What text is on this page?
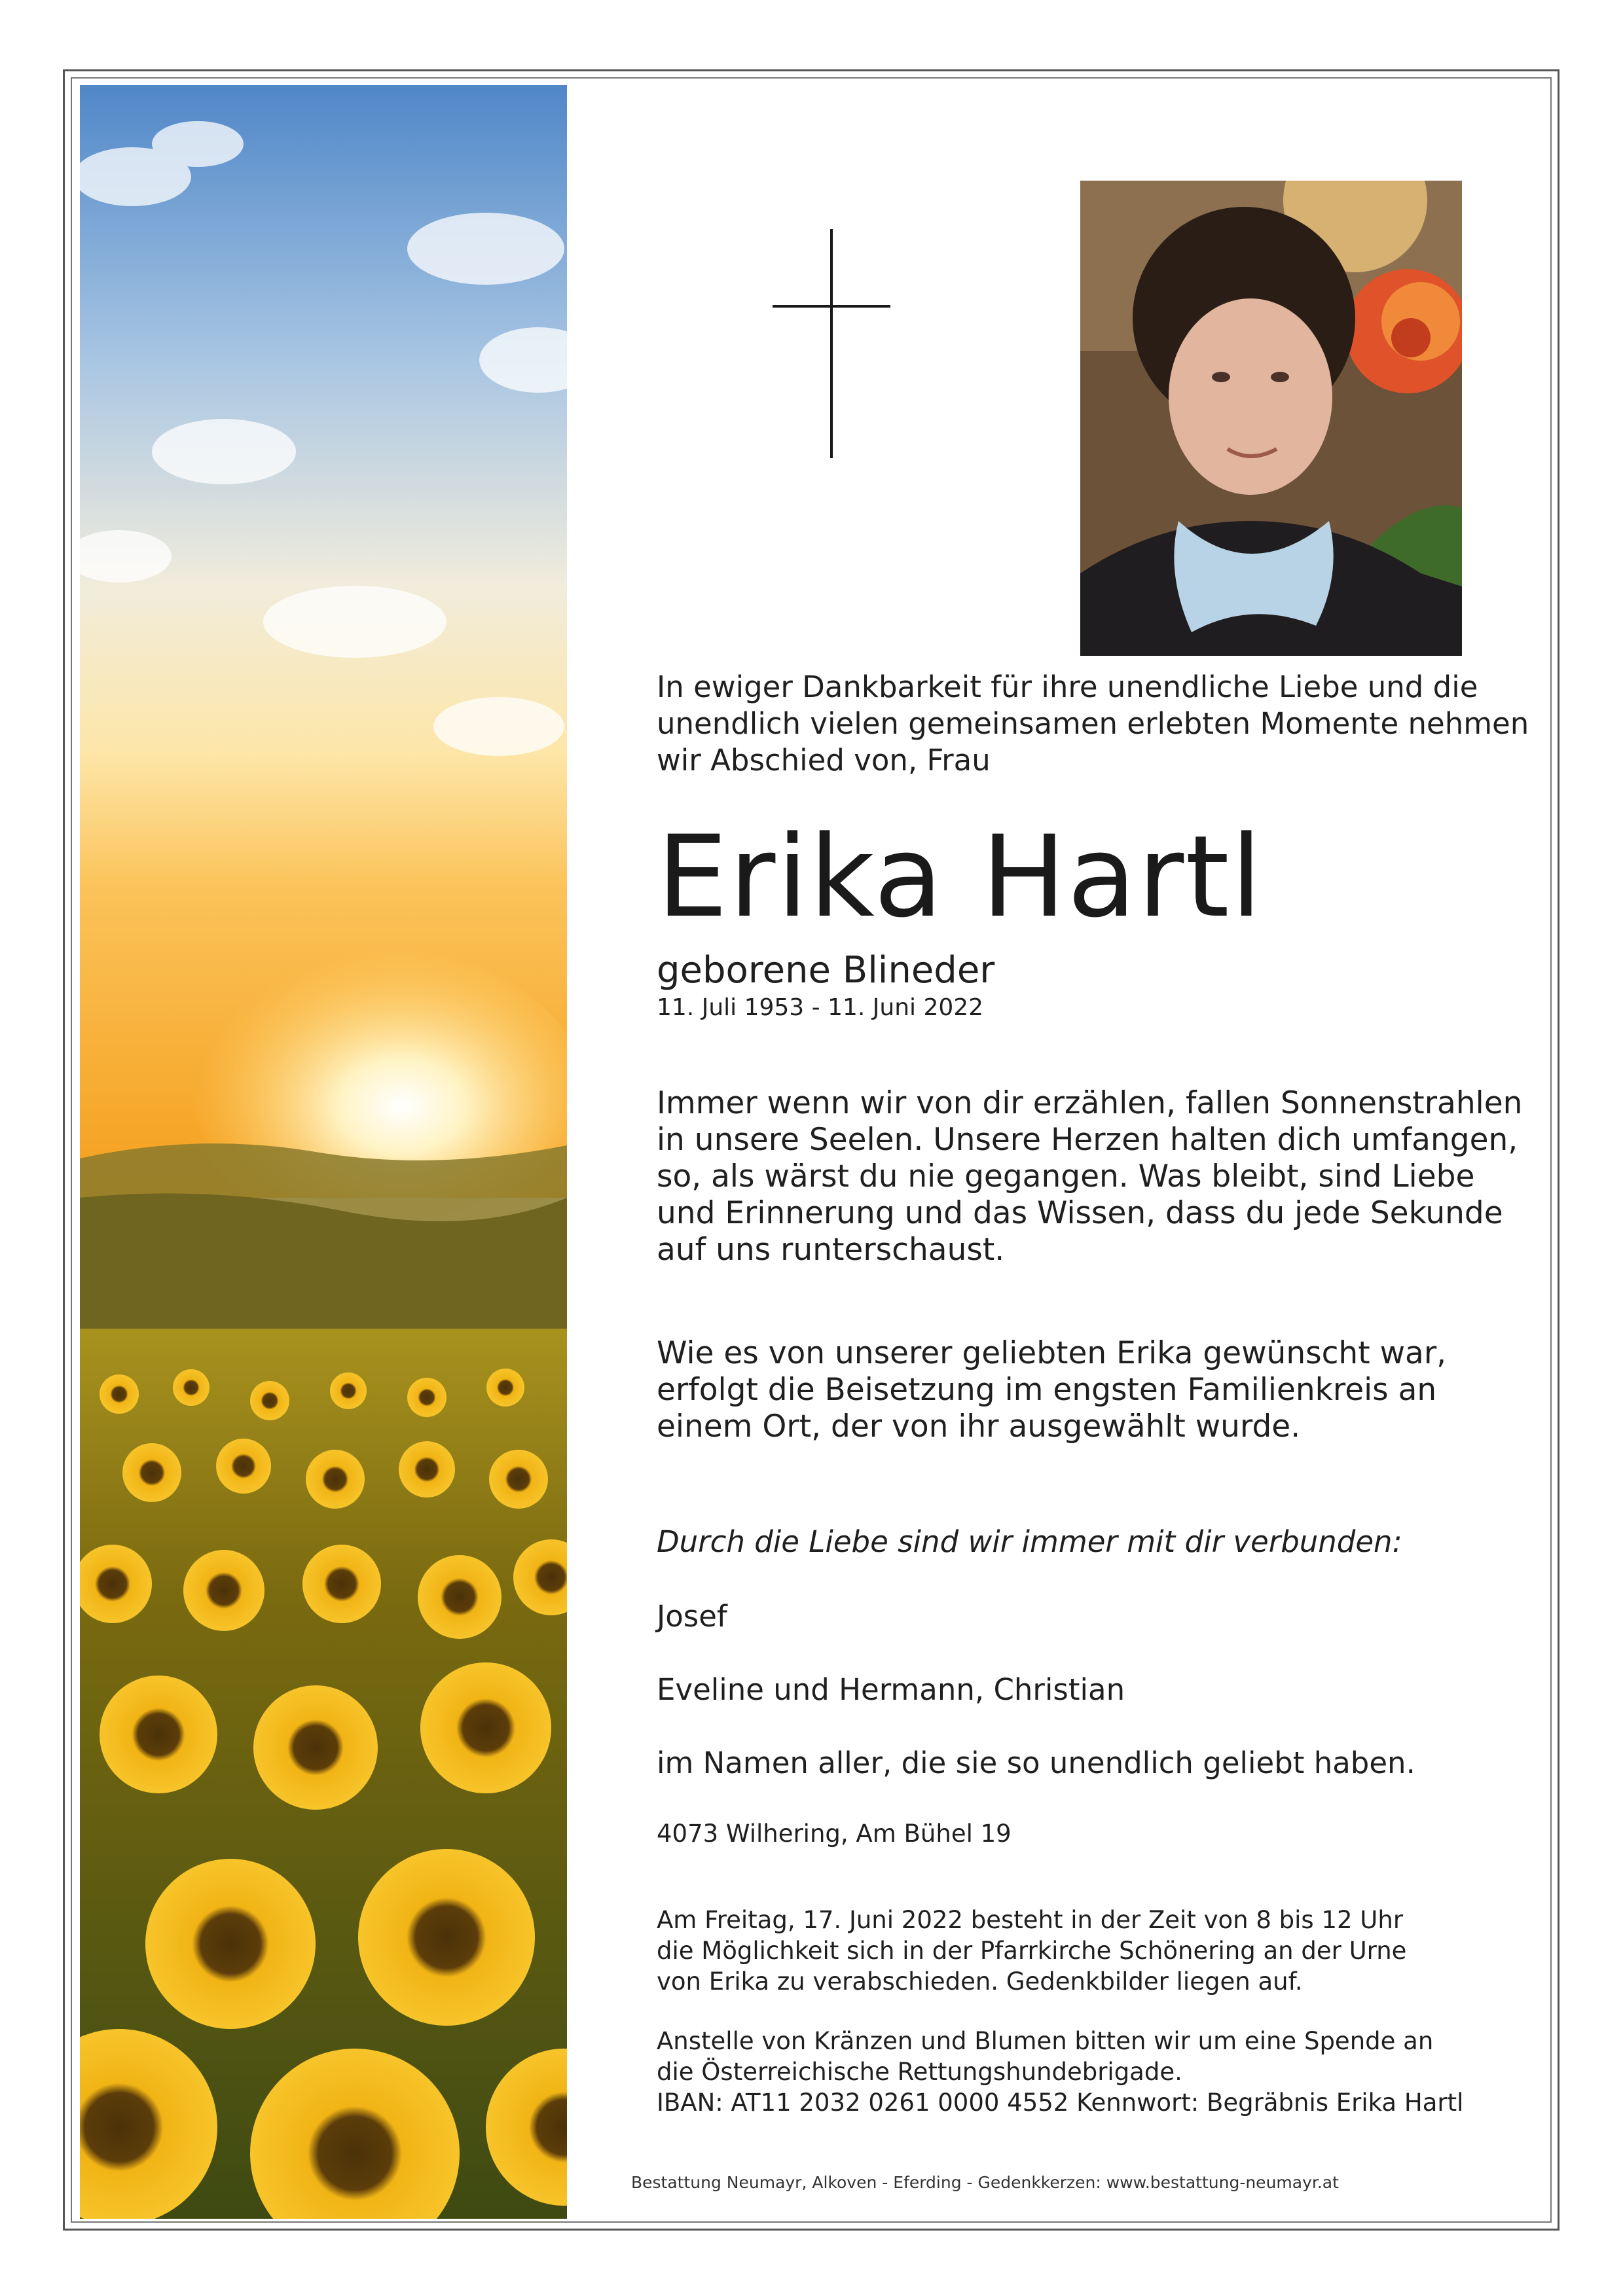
In ewiger Dankbarkeit für ihre unendliche Liebe und die
unendlich vielen gemeinsamen erlebten Momente nehmen
wir Abschied von, Frau

Erika Hartl

geborene Blineder

11. Juli 1953 - 11. Juni 2022

Immer wenn wir von dir erzählen, fallen Sonnenstrahlen
in unsere Seelen. Unsere Herzen halten dich umfangen,
so, als wärst du nie gegangen. Was bleibt, sind Liebe
und Erinnerung und das Wissen, dass du jede Sekunde
auf uns runterschaust.

Wie es von unserer geliebten Erika gewünscht war,
erfolgt die Beisetzung im engsten Familienkreis an
einem Ort, der von ihr ausgewählt wurde.

Durch die Liebe sind wir immer mit dir verbunden:

Josef

Eveline und Hermann, Christian

im Namen aller, die sie so unendlich geliebt haben.

4073 Wilhering, Am Bühel 19

Am Freitag, 17. Juni 2022 besteht in der Zeit von 8 bis 12 Uhr
die Möglichkeit sich in der Pfarrkirche Schönering an der Urne
von Erika zu verabschieden. Gedenkbilder liegen auf.

Anstelle von Kränzen und Blumen bitten wir um eine Spende an
die Österreichische Rettungshundebrigade.
IBAN: AT11 2032 0261 0000 4552 Kennwort: Begräbnis Erika Hartl

Bestattung Neumayr, Alkoven - Eferding - Gedenkkerzen: www.bestattung-neumayr.at
